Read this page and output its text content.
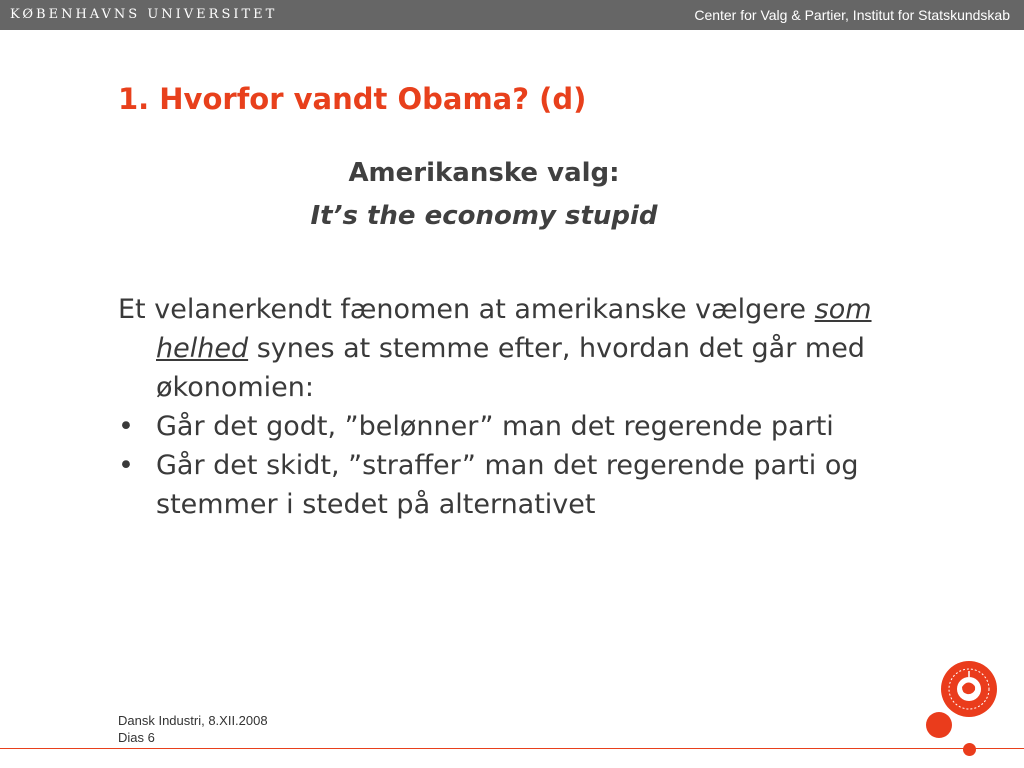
KØBENHAVNS UNIVERSITET	Center for Valg & Partier, Institut for Statskundskab
1. Hvorfor vandt Obama? (d)
Amerikanske valg:
It’s the economy stupid

Et velanerkendt fænomen at amerikanske vælgere som helhed synes at stemme efter, hvordan det går med økonomien:

• Går det godt, ”belønner” man det regerende parti

• Går det skidt, ”straffer” man det regerende parti og stemmer i stedet på alternativet

Dansk Industri, 8.XII.2008
Dias 6
